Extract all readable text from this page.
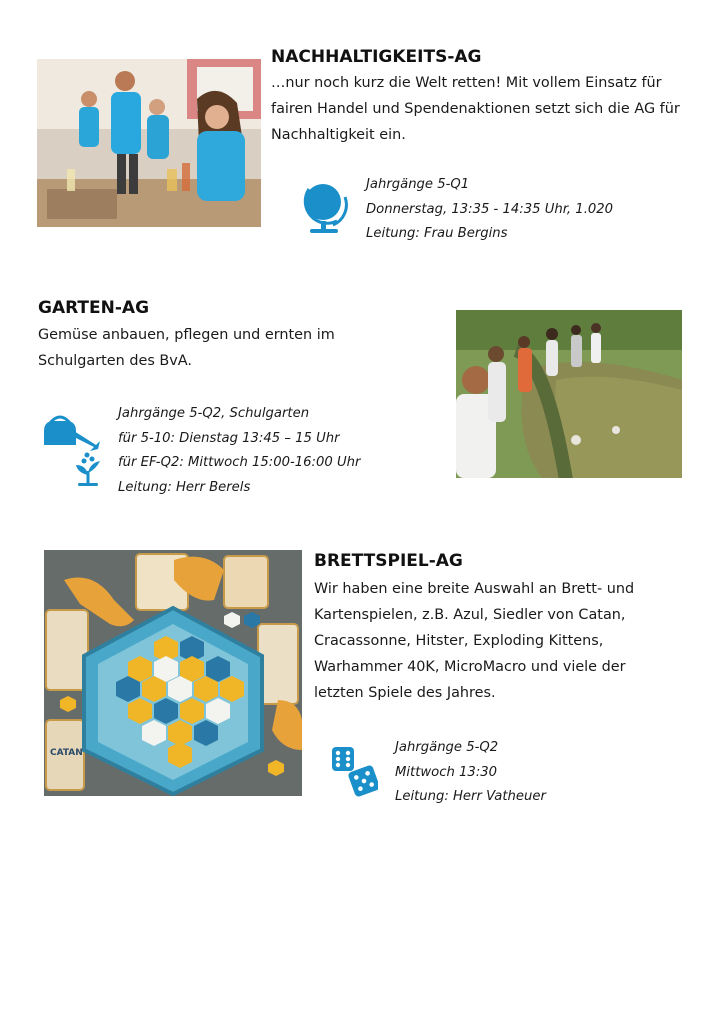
NACHHALTIGKEITS-AG

…nur noch kurz die Welt retten! Mit vollem Einsatz für fairen Handel und Spendenaktionen setzt sich die AG für Nachhaltigkeit ein.

Jahrgänge 5-Q1
Donnerstag, 13:35 - 14:35 Uhr, 1.020
Leitung: Frau Bergins
GARTEN-AG

Gemüse anbauen, pflegen und ernten im Schulgarten des BvA.

Jahrgänge 5-Q2, Schulgarten
für 5-10: Dienstag 13:45 – 15 Uhr
für EF-Q2: Mittwoch 15:00-16:00 Uhr
Leitung: Herr Berels
CATAN
BRETTSPIEL-AG

Wir haben eine breite Auswahl an Brett- und Kartenspielen, z.B. Azul, Siedler von Catan, Cracassonne, Hitster, Exploding Kittens, Warhammer 40K, MicroMacro und viele der letzten Spiele des Jahres.

Jahrgänge 5-Q2
Mittwoch 13:30
Leitung: Herr Vatheuer
